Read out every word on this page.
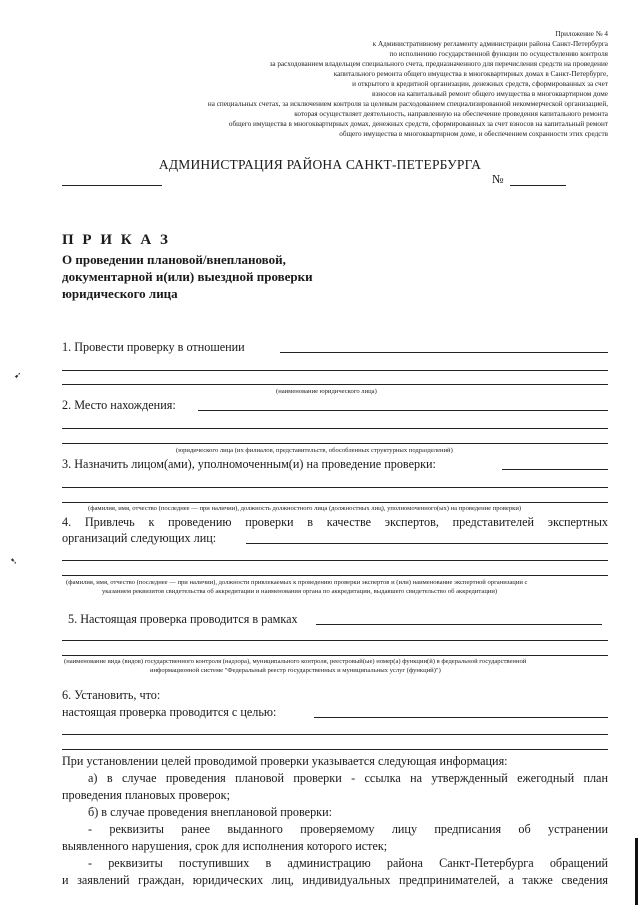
Приложение № 4
к Административному регламенту администрации района Санкт-Петербурга
по исполнению государственной функции по осуществлению контроля
за расходованием владельцем специального счета, предназначенного для перечисления средств на проведение
капитального ремонта общего имущества в многоквартирных домах в Санкт-Петербурге,
и открытого в кредитной организации, денежных средств, сформированных за счет
взносов на капитальный ремонт общего имущества в многоквартирном доме
на специальных счетах, за исключением контроля за целевым расходованием специализированной некоммерческой организацией,
которая осуществляет деятельность, направленную на обеспечение проведения капитального ремонта
общего имущества в многоквартирных домах, денежных средств, сформированных за счет взносов на капитальный ремонт
общего имущества в многоквартирном доме, и обеспечением сохранности этих средств
АДМИНИСТРАЦИЯ РАЙОНА САНКТ-ПЕТЕРБУРГА
№
П Р И К А З
О проведении плановой/внеплановой,
документарной и(или) выездной проверки
юридического лица
1. Провести проверку в отношении
(наименование юридического лица)
➹
2. Место нахождения:
(юридического лица (их филиалов, представительств, обособленных структурных подразделений)
3. Назначить лицом(ами), уполномоченным(и) на проведение проверки:
(фамилия, имя, отчество (последнее — при наличии), должность должностного лица (должностных лиц), уполномоченного(ых) на проведение проверки)
4. Привлечь к проведению проверки в качестве экспертов, представителей экспертных
организаций следующих лиц:
(фамилия, имя, отчество (последнее — при наличии), должности привлекаемых к проведению проверки экспертов и (или) наименование экспертной организации с
указанием реквизитов свидетельства об аккредитации и наименования органа по аккредитации, выдавшего свидетельство об аккредитации)
➷
5. Настоящая проверка проводится в рамках
(наименование вида (видов) государственного контроля (надзора), муниципального контроля, реестровый(ые) номер(а) функции(й) в федеральной государственной
информационной системе "Федеральный реестр государственных и муниципальных услуг (функций)")
6. Установить, что:
настоящая проверка проводится с целью:
При установлении целей проводимой проверки указывается следующая информация:
а) в случае проведения плановой проверки - ссылка на утвержденный ежегодный план
проведения плановых проверок;
б) в случае проведения внеплановой проверки:
- реквизиты ранее выданного проверяемому лицу предписания об устранении
выявленного нарушения, срок для исполнения которого истек;
- реквизиты поступивших в администрацию района Санкт-Петербурга обращений
и заявлений граждан, юридических лиц, индивидуальных предпринимателей, а также сведения
